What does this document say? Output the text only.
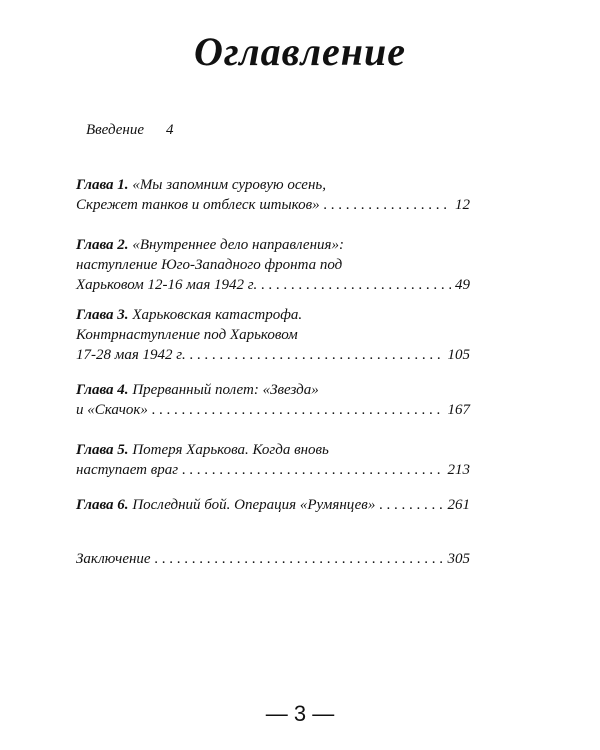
Оглавление
Введение 4
Глава 1. «Мы запомним суровую осень,
Скрежет танков и отблеск штыков» . . .	12
Глава 2. «Внутреннее дело направления»:
наступление Юго-Западного фронта под
Харьковом 12-16 мая 1942 г. . . .	49
Глава 3. Харьковская катастрофа.
Контрнаступление под Харьковом
17-28 мая 1942 г. . . .	105
Глава 4. Прерванный полет: «Звезда»
и «Скачок» . . .	167
Глава 5. Потеря Харькова. Когда вновь
наступает враг . . .	213
Глава 6. Последний бой. Операция «Румянцев» . . .	261
Заключение . . .	305
— 3 —
